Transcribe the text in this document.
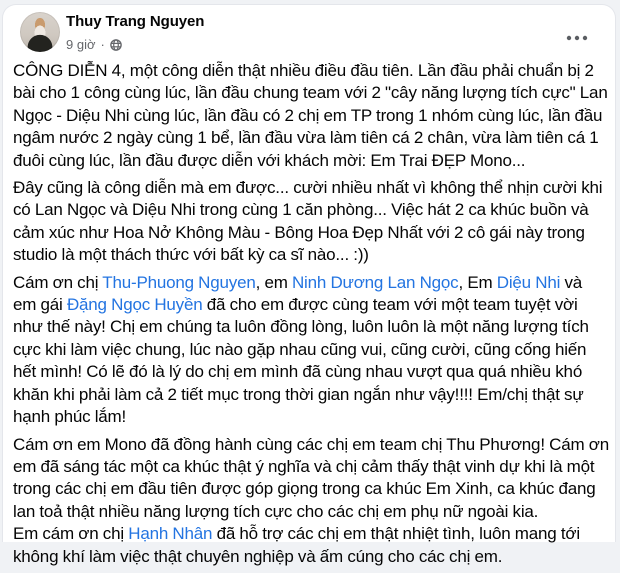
Thuy Trang Nguyen
9 giờ ·

CÔNG DIỄN 4, một công diễn thật nhiều điều đầu tiên. Lần đầu phải chuẩn bị 2 bài cho 1 công cùng lúc, lần đầu chung team với 2 "cây năng lượng tích cực" Lan Ngọc - Diệu Nhi cùng lúc, lần đầu có 2 chị em TP trong 1 nhóm cùng lúc, lần đầu ngâm nước 2 ngày cùng 1 bể, lần đầu vừa làm tiên cá 2 chân, vừa làm tiên cá 1 đuôi cùng lúc, lần đầu được diễn với khách mời: Em Trai ĐẸP Mono...

Đây cũng là công diễn mà em được... cười nhiều nhất vì không thể nhịn cười khi có Lan Ngọc và Diệu Nhi trong cùng 1 căn phòng... Việc hát 2 ca khúc buồn và cảm xúc như Hoa Nở Không Màu - Bông Hoa Đẹp Nhất với 2 cô gái này trong studio là một thách thức với bất kỳ ca sĩ nào... :))

Cám ơn chị Thu-Phuong Nguyen, em Ninh Dương Lan Ngọc, Em Diệu Nhi và em gái Đặng Ngọc Huyền đã cho em được cùng team với một team tuyệt vời như thế này! Chị em chúng ta luôn đồng lòng, luôn luôn là một năng lượng tích cực khi làm việc chung, lúc nào gặp nhau cũng vui, cũng cười, cũng cống hiến hết mình! Có lẽ đó là lý do chị em mình đã cùng nhau vượt qua quá nhiều khó khăn khi phải làm cả 2 tiết mục trong thời gian ngắn như vậy!!!! Em/chị thật sự hạnh phúc lắm!

Cám ơn em Mono đã đồng hành cùng các chị em team chị Thu Phương! Cám ơn em đã sáng tác một ca khúc thật ý nghĩa và chị cảm thấy thật vinh dự khi là một trong các chị em đầu tiên được góp giọng trong ca khúc Em Xinh, ca khúc đang lan toả thật nhiều năng lượng tích cực cho các chị em phụ nữ ngoài kia.
Em cám ơn chị Hạnh Nhân đã hỗ trợ các chị em thật nhiệt tình, luôn mang tới không khí làm việc thật chuyên nghiệp và ấm cúng cho các chị em.
